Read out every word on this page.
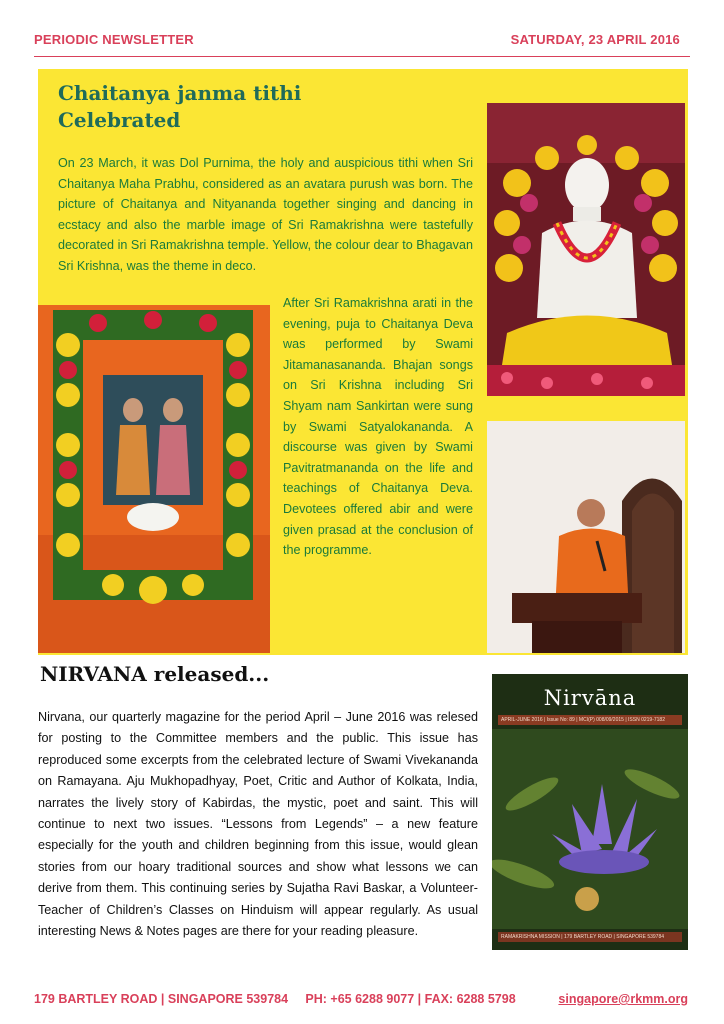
PERIODIC NEWSLETTER	SATURDAY, 23 APRIL 2016
Chaitanya janma tithi
Celebrated

On 23 March, it was Dol Purnima, the holy and auspicious tithi when Sri Chaitanya Maha Prabhu, considered as an avatara purush was born. The picture of Chaitanya and Nityananda together singing and dancing in ecstacy and also the marble image of Sri Ramakrishna were tastefully decorated in Sri Ramakrishna temple. Yellow, the colour dear to Bhagavan Sri Krishna, was the theme in deco.

After Sri Ramakrishna arati in the evening, puja to Chaitanya Deva was performed by Swami Jitamanasananda. Bhajan songs on Sri Krishna including Sri Shyam nam Sankirtan were sung by Swami Satyalokananda. A discourse was given by Swami Pavitratmananda on the life and teachings of Chaitanya Deva. Devotees offered abir and were given prasad at the conclusion of the programme.

NIRVANA released...

Nirvana, our quarterly magazine for the period April – June 2016 was relesed for posting to the Committee members and the public. This issue has reproduced some excerpts from the celebrated lecture of Swami Vivekananda on Ramayana. Aju Mukhopadhyay, Poet, Critic and Author of Kolkata, India, narrates the lively story of Kabirdas, the mystic, poet and saint. This will continue to next two issues. “Lessons from Legends” – a new feature especially for the youth and children beginning from this issue, would glean stories from our hoary traditional sources and show what lessons we can derive from them. This continuing series by Sujatha Ravi Baskar, a Volunteer-Teacher of Children’s Classes on Hinduism will appear regularly. As usual interesting News & Notes pages are there for your reading pleasure.

Nirvāna
APRIL-JUNE 2016 | Issue No: 89 | MCI(P) 008/09/2015 | ISSN 0219-7182
RAMAKRISHNA MISSION | 179 BARTLEY ROAD | SINGAPORE 539784
179 BARTLEY ROAD | SINGAPORE 539784     PH: +65 6288 9077 | FAX: 6288 5798	singapore@rkmm.org
